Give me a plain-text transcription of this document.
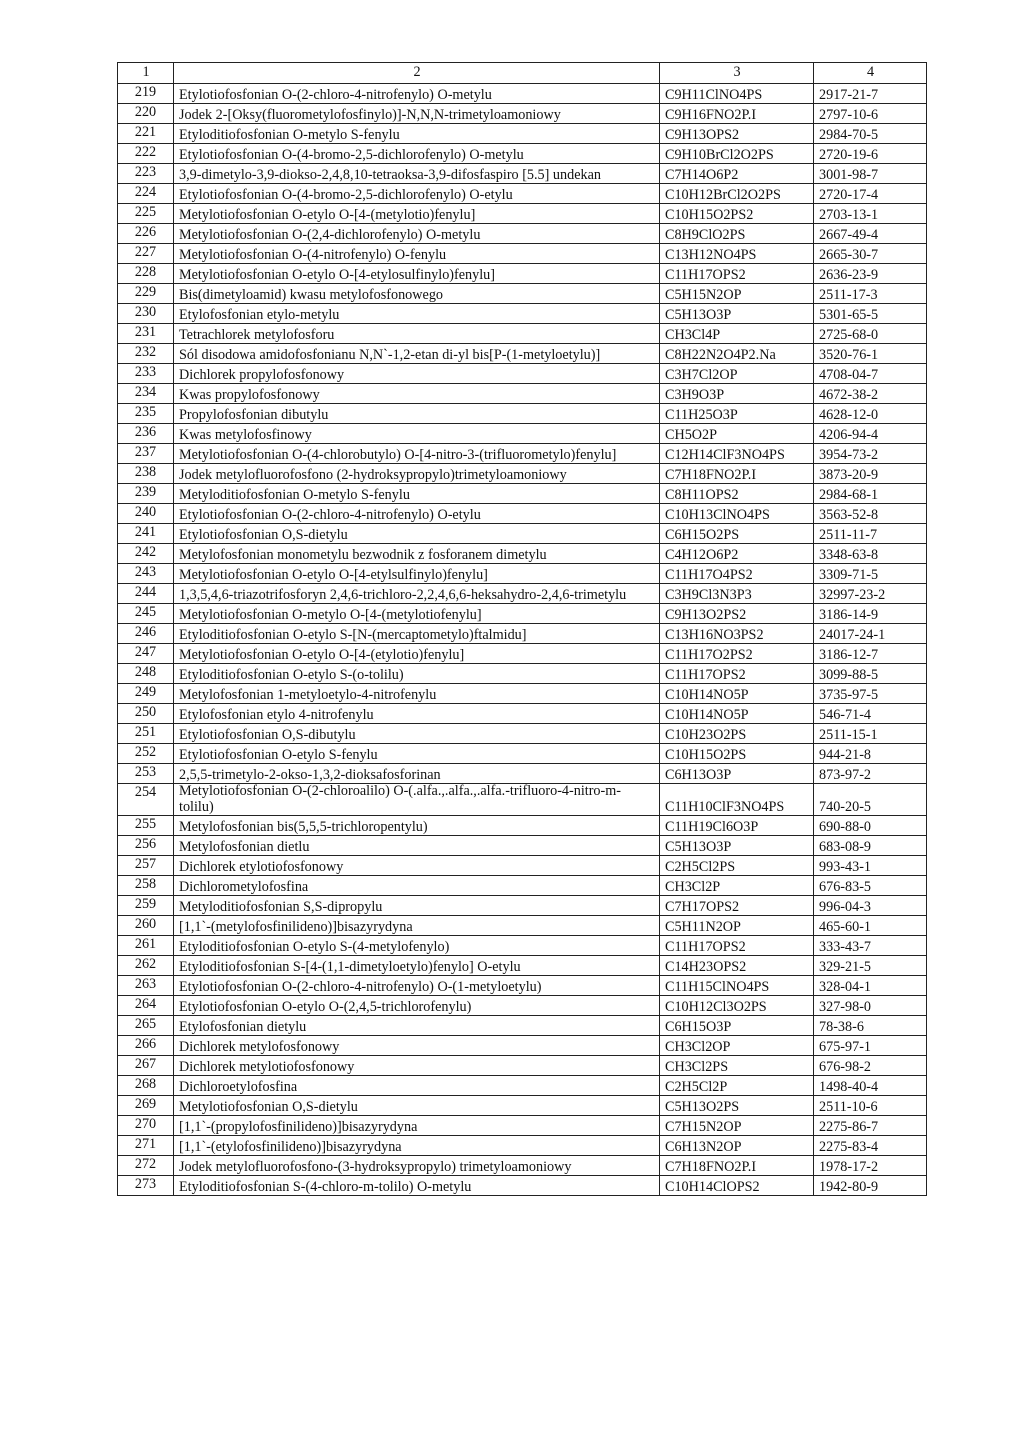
1	2	3	4
219	Etylotiofosfonian O-(2-chloro-4-nitrofenylo) O-metylu	C9H11ClNO4PS	2917-21-7
220	Jodek 2-[Oksy(fluorometylofosfinylo)]-N,N,N-trimetyloamoniowy	C9H16FNO2P.I	2797-10-6
221	Etyloditiofosfonian O-metylo S-fenylu	C9H13OPS2	2984-70-5
222	Etylotiofosfonian O-(4-bromo-2,5-dichlorofenylo) O-metylu	C9H10BrCl2O2PS	2720-19-6
223	3,9-dimetylo-3,9-diokso-2,4,8,10-tetraoksa-3,9-difosfaspiro [5.5] undekan	C7H14O6P2	3001-98-7
224	Etylotiofosfonian O-(4-bromo-2,5-dichlorofenylo) O-etylu	C10H12BrCl2O2PS	2720-17-4
225	Metylotiofosfonian O-etylo O-[4-(metylotio)fenylu]	C10H15O2PS2	2703-13-1
226	Metylotiofosfonian O-(2,4-dichlorofenylo) O-metylu	C8H9ClO2PS	2667-49-4
227	Metylotiofosfonian O-(4-nitrofenylo) O-fenylu	C13H12NO4PS	2665-30-7
228	Metylotiofosfonian O-etylo O-[4-etylosulfinylo)fenylu]	C11H17OPS2	2636-23-9
229	Bis(dimetyloamid) kwasu metylofosfonowego	C5H15N2OP	2511-17-3
230	Etylofosfonian etylo-metylu	C5H13O3P	5301-65-5
231	Tetrachlorek metylofosforu	CH3Cl4P	2725-68-0
232	Sól disodowa amidofosfonianu N,N`-1,2-etan di-yl bis[P-(1-metyloetylu)]	C8H22N2O4P2.Na	3520-76-1
233	Dichlorek propylofosfonowy	C3H7Cl2OP	4708-04-7
234	Kwas propylofosfonowy	C3H9O3P	4672-38-2
235	Propylofosfonian dibutylu	C11H25O3P	4628-12-0
236	Kwas metylofosfinowy	CH5O2P	4206-94-4
237	Metylotiofosfonian O-(4-chlorobutylo) O-[4-nitro-3-(trifluorometylo)fenylu]	C12H14ClF3NO4PS	3954-73-2
238	Jodek metylofluorofosfono (2-hydroksypropylo)trimetyloamoniowy	C7H18FNO2P.I	3873-20-9
239	Metyloditiofosfonian O-metylo S-fenylu	C8H11OPS2	2984-68-1
240	Etylotiofosfonian O-(2-chloro-4-nitrofenylo) O-etylu	C10H13ClNO4PS	3563-52-8
241	Etylotiofosfonian O,S-dietylu	C6H15O2PS	2511-11-7
242	Metylofosfonian monometylu bezwodnik z fosforanem dimetylu	C4H12O6P2	3348-63-8
243	Metylotiofosfonian O-etylo O-[4-etylsulfinylo)fenylu]	C11H17O4PS2	3309-71-5
244	1,3,5,4,6-triazotrifosforyn 2,4,6-trichloro-2,2,4,6,6-heksahydro-2,4,6-trimetylu	C3H9Cl3N3P3	32997-23-2
245	Metylotiofosfonian O-metylo O-[4-(metylotiofenylu]	C9H13O2PS2	3186-14-9
246	Etyloditiofosfonian O-etylo S-[N-(mercaptometylo)ftalmidu]	C13H16NO3PS2	24017-24-1
247	Metylotiofosfonian O-etylo O-[4-(etylotio)fenylu]	C11H17O2PS2	3186-12-7
248	Etyloditiofosfonian O-etylo S-(o-tolilu)	C11H17OPS2	3099-88-5
249	Metylofosfonian 1-metyloetylo-4-nitrofenylu	C10H14NO5P	3735-97-5
250	Etylofosfonian etylo 4-nitrofenylu	C10H14NO5P	546-71-4
251	Etylotiofosfonian O,S-dibutylu	C10H23O2PS	2511-15-1
252	Etylotiofosfonian O-etylo S-fenylu	C10H15O2PS	944-21-8
253	2,5,5-trimetylo-2-okso-1,3,2-dioksafosforinan	C6H13O3P	873-97-2
254	Metylotiofosfonian O-(2-chloroalilo) O-(.alfa.,.alfa.,.alfa.-trifluoro-4-nitro-m-tolilu)	C11H10ClF3NO4PS	740-20-5
255	Metylofosfonian bis(5,5,5-trichloropentylu)	C11H19Cl6O3P	690-88-0
256	Metylofosfonian dietlu	C5H13O3P	683-08-9
257	Dichlorek etylotiofosfonowy	C2H5Cl2PS	993-43-1
258	Dichlorometylofosfina	CH3Cl2P	676-83-5
259	Metyloditiofosfonian S,S-dipropylu	C7H17OPS2	996-04-3
260	[1,1`-(metylofosfinilideno)]bisazyrydyna	C5H11N2OP	465-60-1
261	Etyloditiofosfonian O-etylo S-(4-metylofenylo)	C11H17OPS2	333-43-7
262	Etyloditiofosfonian S-[4-(1,1-dimetyloetylo)fenylo] O-etylu	C14H23OPS2	329-21-5
263	Etylotiofosfonian O-(2-chloro-4-nitrofenylo) O-(1-metyloetylu)	C11H15ClNO4PS	328-04-1
264	Etylotiofosfonian O-etylo O-(2,4,5-trichlorofenylu)	C10H12Cl3O2PS	327-98-0
265	Etylofosfonian dietylu	C6H15O3P	78-38-6
266	Dichlorek metylofosfonowy	CH3Cl2OP	675-97-1
267	Dichlorek metylotiofosfonowy	CH3Cl2PS	676-98-2
268	Dichloroetylofosfina	C2H5Cl2P	1498-40-4
269	Metylotiofosfonian O,S-dietylu	C5H13O2PS	2511-10-6
270	[1,1`-(propylofosfinilideno)]bisazyrydyna	C7H15N2OP	2275-86-7
271	[1,1`-(etylofosfinilideno)]bisazyrydyna	C6H13N2OP	2275-83-4
272	Jodek metylofluorofosfono-(3-hydroksypropylo) trimetyloamoniowy	C7H18FNO2P.I	1978-17-2
273	Etyloditiofosfonian S-(4-chloro-m-tolilo) O-metylu	C10H14ClOPS2	1942-80-9
